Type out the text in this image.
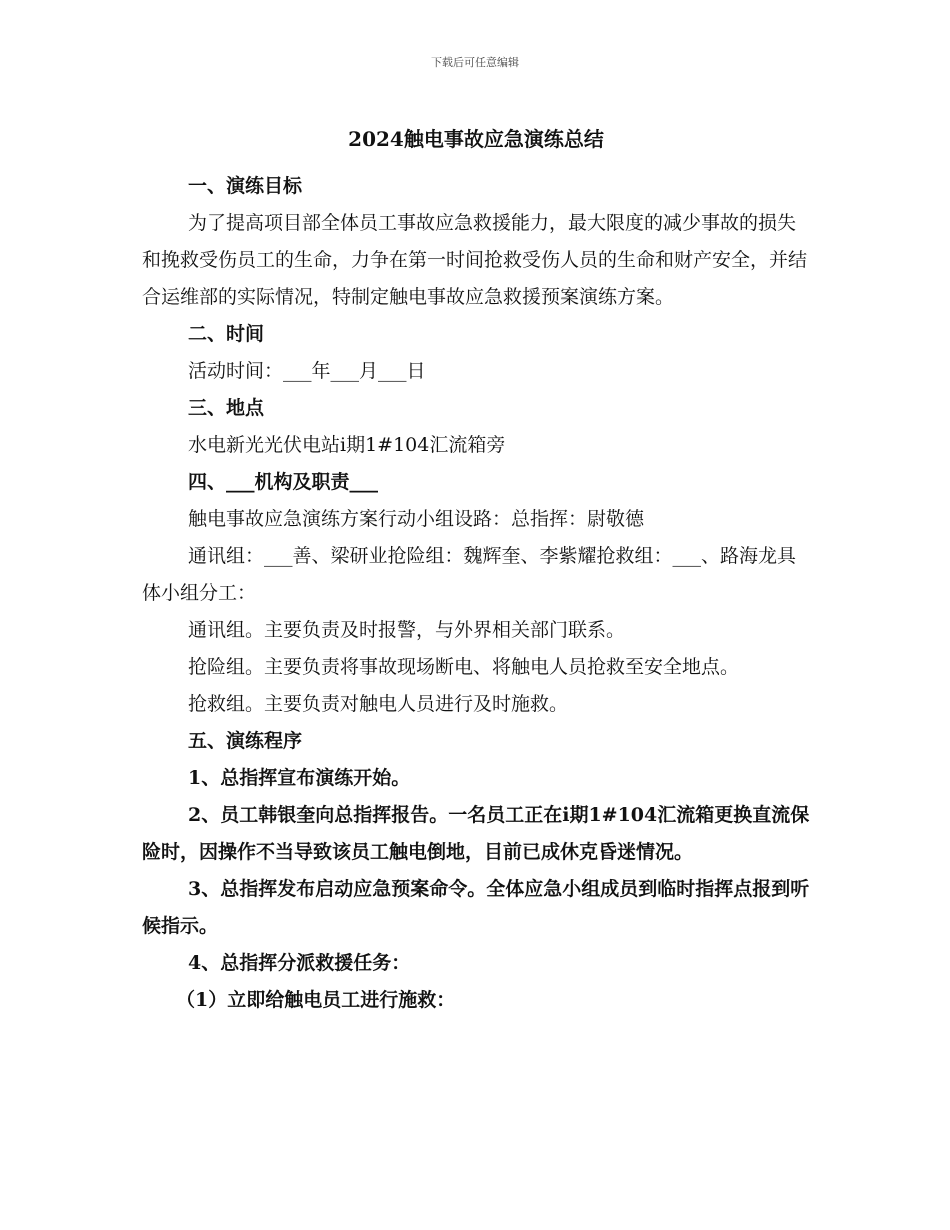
下载后可任意编辑
2024触电事故应急演练总结

一、演练目标

为了提高项目部全体员工事故应急救援能力，最大限度的减少事故的损失和挽救受伤员工的生命，力争在第一时间抢救受伤人员的生命和财产安全，并结合运维部的实际情况，特制定触电事故应急救援预案演练方案。

二、时间

活动时间：___年___月___日

三、地点

水电新光光伏电站i期1#104汇流箱旁

四、___机构及职责___

触电事故应急演练方案行动小组设路：总指挥：尉敬德

通讯组：___善、梁研业抢险组：魏辉奎、李紫耀抢救组：___、路海龙具体小组分工：

通讯组。主要负责及时报警，与外界相关部门联系。

抢险组。主要负责将事故现场断电、将触电人员抢救至安全地点。

抢救组。主要负责对触电人员进行及时施救。

五、演练程序

1、总指挥宣布演练开始。

2、员工韩银奎向总指挥报告。一名员工正在i期1#104汇流箱更换直流保险时，因操作不当导致该员工触电倒地，目前已成休克昏迷情况。

3、总指挥发布启动应急预案命令。全体应急小组成员到临时指挥点报到听候指示。

4、总指挥分派救援任务：

（1）立即给触电员工进行施救：
